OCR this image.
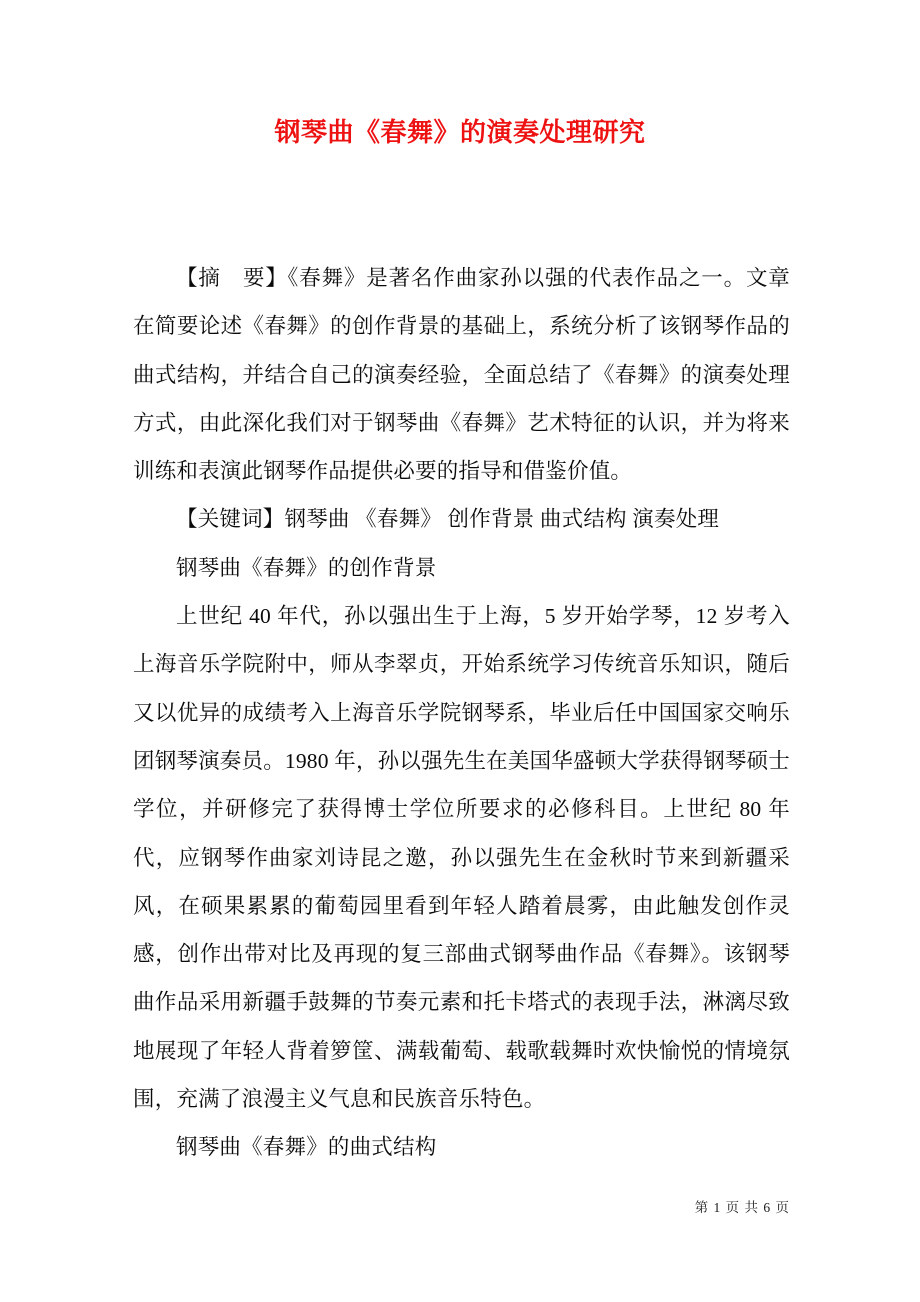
钢琴曲《春舞》的演奏处理研究

【摘　要】《春舞》是著名作曲家孙以强的代表作品之一。文章在简要论述《春舞》的创作背景的基础上，系统分析了该钢琴作品的曲式结构，并结合自己的演奏经验，全面总结了《春舞》的演奏处理方式，由此深化我们对于钢琴曲《春舞》艺术特征的认识，并为将来训练和表演此钢琴作品提供必要的指导和借鉴价值。

【关键词】钢琴曲 《春舞》 创作背景 曲式结构 演奏处理

钢琴曲《春舞》的创作背景

上世纪 40 年代，孙以强出生于上海，5 岁开始学琴，12 岁考入上海音乐学院附中，师从李翠贞，开始系统学习传统音乐知识，随后又以优异的成绩考入上海音乐学院钢琴系，毕业后任中国国家交响乐团钢琴演奏员。1980 年，孙以强先生在美国华盛顿大学获得钢琴硕士学位，并研修完了获得博士学位所要求的必修科目。上世纪 80 年代，应钢琴作曲家刘诗昆之邀，孙以强先生在金秋时节来到新疆采风，在硕果累累的葡萄园里看到年轻人踏着晨雾，由此触发创作灵感，创作出带对比及再现的复三部曲式钢琴曲作品《春舞》。该钢琴曲作品采用新疆手鼓舞的节奏元素和托卡塔式的表现手法，淋漓尽致地展现了年轻人背着箩筐、满载葡萄、载歌载舞时欢快愉悦的情境氛围，充满了浪漫主义气息和民族音乐特色。

钢琴曲《春舞》的曲式结构

第 1 页 共 6 页
